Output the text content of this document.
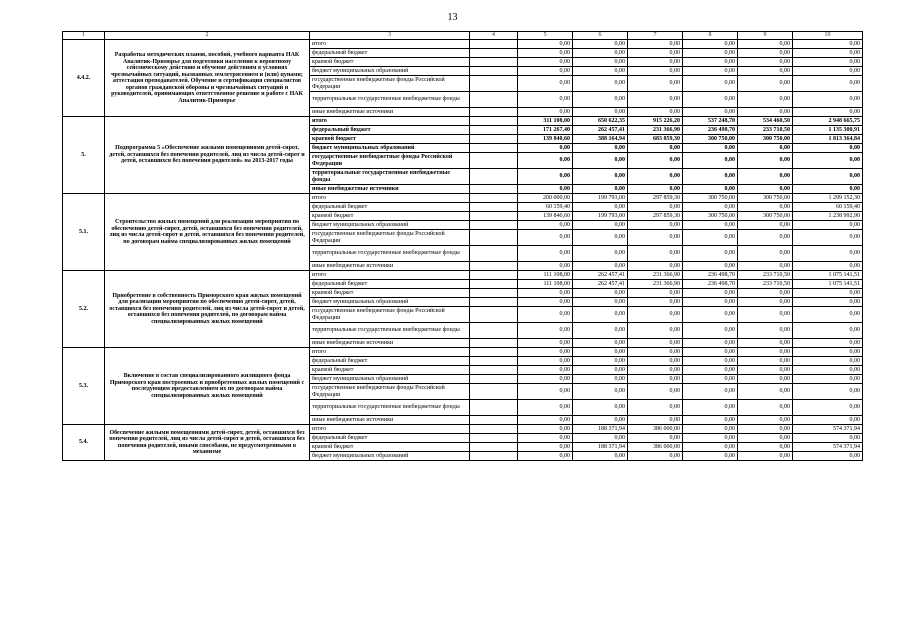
13
1	2	3	4	5	6	7	8	9	10
4.4.2.	Разработка методических планов, пособий, учебного варианта НАК Аналитик-Приморье для подготовки населения к вероятному сейсмическому действию и обучение действиям в условиях чрезвычайных ситуаций, вызванных землетрясением и (или) цунами; аттестация преподавателей. Обучение и сертификация специалистов органов гражданской обороны и чрезвычайных ситуаций и руководителей, принимающих ответственное решение и работе с НАК Аналитик-Приморье	итого		0,00	0,00	0,00	0,00	0,00	0,00
		федеральный бюджет		0,00	0,00	0,00	0,00	0,00	0,00
		краевой бюджет		0,00	0,00	0,00	0,00	0,00	0,00
		бюджет муниципальных образований		0,00	0,00	0,00	0,00	0,00	0,00
		государственные внебюджетные фонды Российской Федерации		0,00	0,00	0,00	0,00	0,00	0,00
		территориальные государственные внебюджетные фонды		0,00	0,00	0,00	0,00	0,00	0,00
		иные внебюджетные источники		0,00	0,00	0,00	0,00	0,00	0,00
5.	Подпрограмма 5 «Обеспечение жилыми помещениями детей-сирот, детей, оставшихся без попечения родителей, лиц из числа детей-сирот и детей, оставшихся без попечения родителей» на 2013-2017 годы	итого		311 108,00	650 622,35	915 226,20	537 248,70	534 460,50	2 948 665,75
		федеральный бюджет		171 267,40	262 457,41	231 366,90	236 498,70	233 710,50	1 135 300,91
		краевой бюджет		139 840,60	388 164,94	683 859,30	300 750,00	300 750,00	1 813 364,84
		бюджет муниципальных образований		0,00	0,00	0,00	0,00	0,00	0,00
		государственные внебюджетные фонды Российской Федерации		0,00	0,00	0,00	0,00	0,00	0,00
		территориальные государственные внебюджетные фонды		0,00	0,00	0,00	0,00	0,00	0,00
		иные внебюджетные источники		0,00	0,00	0,00	0,00	0,00	0,00
5.1.	Строительство жилых помещений для реализации мероприятия по обеспечению детей-сирот, детей, оставшихся без попечения родителей, лиц из числа детей-сирот и детей, оставшихся без попечения родителей, по договорам найма специализированных жилых помещений	итого		200 000,00	199 793,00	297 859,30	300 750,00	300 750,00	1 299 152,30
		федеральный бюджет		60 159,40	0,00	0,00	0,00	0,00	60 159,40
		краевой бюджет		139 840,60	199 793,00	297 859,30	300 750,00	300 750,00	1 238 992,90
		бюджет муниципальных образований		0,00	0,00	0,00	0,00	0,00	0,00
		государственные внебюджетные фонды Российской Федерации		0,00	0,00	0,00	0,00	0,00	0,00
		территориальные государственные внебюджетные фонды		0,00	0,00	0,00	0,00	0,00	0,00
		иные внебюджетные источники		0,00	0,00	0,00	0,00	0,00	0,00
5.2.	Приобретение в собственность Приморского края жилых помещений для реализации мероприятия по обеспечению детей-сирот, детей, оставшихся без попечения родителей, лиц из числа детей-сирот и детей, оставшихся без попечения родителей, по договорам найма специализированных жилых помещений	итого		111 108,00	262 457,41	231 366,90	236 498,70	233 710,50	1 075 141,51
		федеральный бюджет		111 108,00	262 457,41	231 366,90	236 498,70	233 710,50	1 075 141,51
		краевой бюджет		0,00	0,00	0,00	0,00	0,00	0,00
		бюджет муниципальных образований		0,00	0,00	0,00	0,00	0,00	0,00
		государственные внебюджетные фонды Российской Федерации		0,00	0,00	0,00	0,00	0,00	0,00
		территориальные государственные внебюджетные фонды		0,00	0,00	0,00	0,00	0,00	0,00
		иные внебюджетные источники		0,00	0,00	0,00	0,00	0,00	0,00
5.3.	Включение в состав специализированного жилищного фонда Приморского края построенных и приобретенных жилых помещений с последующим предоставлением их по договорам найма специализированных жилых помещений	итого		0,00	0,00	0,00	0,00	0,00	0,00
		федеральный бюджет		0,00	0,00	0,00	0,00	0,00	0,00
		краевой бюджет		0,00	0,00	0,00	0,00	0,00	0,00
		бюджет муниципальных образований		0,00	0,00	0,00	0,00	0,00	0,00
		государственные внебюджетные фонды Российской Федерации		0,00	0,00	0,00	0,00	0,00	0,00
		территориальные государственные внебюджетные фонды		0,00	0,00	0,00	0,00	0,00	0,00
		иные внебюджетные источники		0,00	0,00	0,00	0,00	0,00	0,00
5.4.	Обеспечение жилыми помещениями детей-сирот, детей, оставшихся без попечения родителей, лиц из числа детей-сирот и детей, оставшихся без попечения родителей, иными способами, не предусмотренными в механизме	итого		0,00	188 371,94	386 000,00	0,00	0,00	574 371,94
		федеральный бюджет		0,00	0,00	0,00	0,00	0,00	0,00
		краевой бюджет		0,00	188 371,94	386 000,00	0,00	0,00	574 371,94
		бюджет муниципальных образований		0,00	0,00	0,00	0,00	0,00	0,00
